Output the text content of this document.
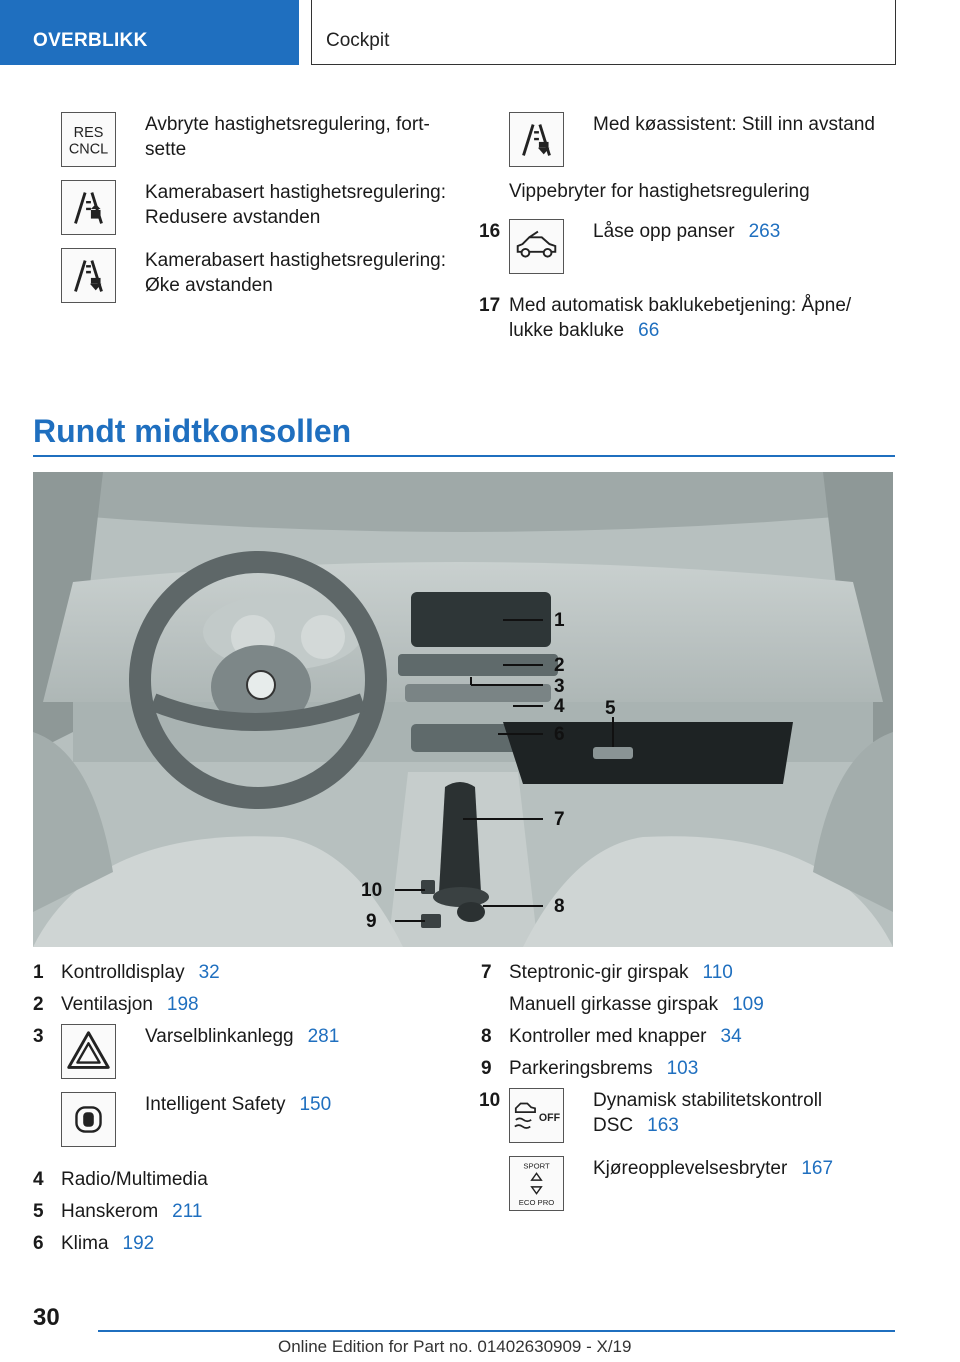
OVERBLIKK	Cockpit
RES
CNCL
Avbryte hastighetsregulering, fort‐
sette
Kamerabasert hastighetsregulering:
Redusere avstanden
Kamerabasert hastighetsregulering:
Øke avstanden
Med køassistent: Still inn avstand
Vippebryter for hastighetsregulering
16	Låse opp panser 263
17 Med automatisk baklukebetjening: Åpne/
lukke bakluke 66
Rundt midtkonsollen
1
2
3
4 5
6
7
8
9
10
1 Kontrolldisplay 32
2 Ventilasjon 198
3	Varselblinkanlegg 281
Intelligent Safety 150
4 Radio/Multimedia
5 Hanskerom 211
6 Klima 192
7 Steptronic-gir girspak 110
Manuell girkasse girspak 109
8 Kontroller med knapper 34
9 Parkeringsbrems 103
10
OFF
Dynamisk stabilitetskontroll
DSC 163
SPORT
ECO PRO
Kjøreopplevelsesbryter 167
30
Online Edition for Part no. 01402630909 - X/19
